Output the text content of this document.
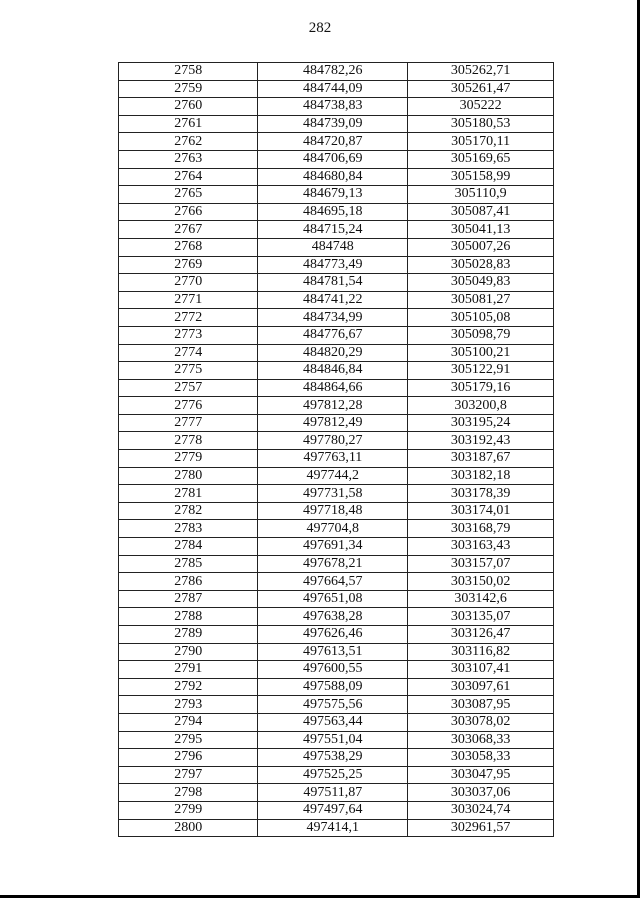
282
2758	484782,26	305262,71
2759	484744,09	305261,47
2760	484738,83	305222
2761	484739,09	305180,53
2762	484720,87	305170,11
2763	484706,69	305169,65
2764	484680,84	305158,99
2765	484679,13	305110,9
2766	484695,18	305087,41
2767	484715,24	305041,13
2768	484748	305007,26
2769	484773,49	305028,83
2770	484781,54	305049,83
2771	484741,22	305081,27
2772	484734,99	305105,08
2773	484776,67	305098,79
2774	484820,29	305100,21
2775	484846,84	305122,91
2757	484864,66	305179,16
2776	497812,28	303200,8
2777	497812,49	303195,24
2778	497780,27	303192,43
2779	497763,11	303187,67
2780	497744,2	303182,18
2781	497731,58	303178,39
2782	497718,48	303174,01
2783	497704,8	303168,79
2784	497691,34	303163,43
2785	497678,21	303157,07
2786	497664,57	303150,02
2787	497651,08	303142,6
2788	497638,28	303135,07
2789	497626,46	303126,47
2790	497613,51	303116,82
2791	497600,55	303107,41
2792	497588,09	303097,61
2793	497575,56	303087,95
2794	497563,44	303078,02
2795	497551,04	303068,33
2796	497538,29	303058,33
2797	497525,25	303047,95
2798	497511,87	303037,06
2799	497497,64	303024,74
2800	497414,1	302961,57
